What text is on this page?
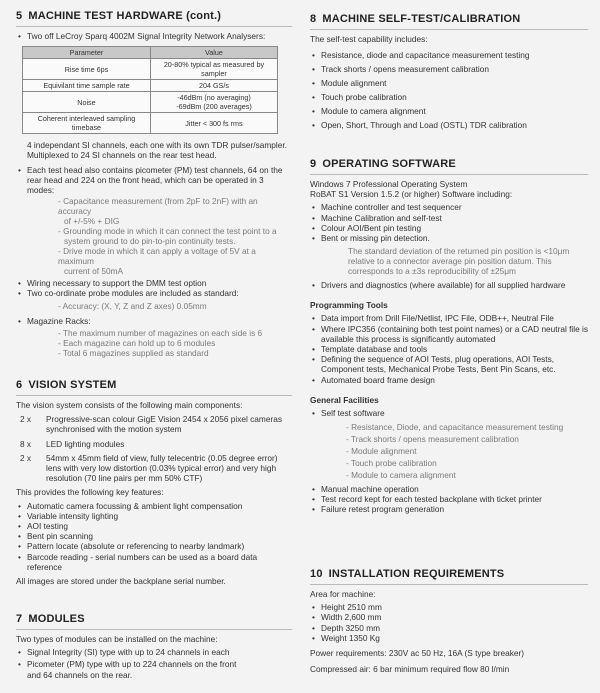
5 MACHINE TEST HARDWARE (cont.)
• Two off LeCroy Sparq 4002M Signal Integrity Network Analysers:
Parameter	Value
Rise time 6ps	20-80% typical as measured by sampler
Equivilant time sample rate	204 GS/s
Noise	-46dBm (no averaging)
-69dBm (200 averages)

Coherent interleaved sampling timebase	Jitter < 300 fs rms

4 independant SI channels, each one with its own TDR pulser/sampler.

Multiplexed to 24 SI channels on the rear test head.

• Each test head also contains picometer (PM) test channels, 64 on the
rear head and 224 on the front head, which can be operated in 3 modes:

- Capacitance measurement (from 2pF to 2nF) with an accuracy

of +/-5% + DIG

- Grounding mode in which it can connect the test point to a

system ground to do pin-to-pin continuity tests.

- Drive mode in which it can apply a voltage of 5V at a maximum

current of 50mA

• Wiring necessary to support the DMM test option
• Two co-ordinate probe modules are included as standard:

- Accuracy: (X, Y, Z and Z axes) 0.05mm

• Magazine Racks:

- The maximum number of magazines on each side is 6

- Each magazine can hold up to 6 modules

- Total 6 magazines supplied as standard

6 VISION SYSTEM

The vision system consists of the following main components:

2 x	Progressive-scan colour GigE Vision 2454 x 2056 pixel cameras
synchronised with the motion system
8 x	LED lighting modules
2 x	54mm x 45mm field of view, fully telecentric (0.05 degree error)
lens with very low distortion (0.03% typical error) and very high
resolution (70 line pairs per mm 50% CTF)

This provides the following key features:

• Automatic camera focussing & ambient light compensation
• Variable intensity lighting
• AOI testing
• Bent pin scanning
• Pattern locate (absolute or referencing to nearby landmark)
• Barcode reading - serial numbers can be used as a board data reference

All images are stored under the backplane serial number.

7 MODULES

Two types of modules can be installed on the machine:

• Signal Integrity (SI) type with up to 24 channels in each
• Picometer (PM) type with up to 224 channels on the front
and 64 channels on the rear.
8 MACHINE SELF-TEST/CALIBRATION

The self-test capability includes:

• Resistance, diode and capacitance measurement testing
• Track shorts / opens measurement calibration
• Module alignment
• Touch probe calibration
• Module to camera alignment
• Open, Short, Through and Load (OSTL) TDR calibration
9 OPERATING SOFTWARE

Windows 7 Professional Operating System

RoBAT S1 Version 1.5.2 (or higher) Software including:

• Machine controller and test sequencer
• Machine Calibration and self-test
• Colour AOI/Bent pin testing
• Bent or missing pin detection.

The standard deviation of the returned pin position is <10μm

relative to a connector average pin position datum. This

corresponds to a ±3s reproducibility of ±25μm

• Drivers and diagnostics (where available) for all supplied hardware

Programming Tools

• Data import from Drill File/Netlist, IPC File, ODB++, Neutral File
• Where IPC356 (containing both test point names) or a CAD neutral file is
available this process is significantly automated
• Template database and tools
• Defining the sequence of AOI Tests, plug operations, AOI Tests,
Component tests, Mechanical Probe Tests, Bent Pin Scans, etc.
• Automated board frame design

General Facilities

• Self test software

- Resistance, Diode, and capacitance measurement testing

- Track shorts / opens measurement calibration

- Module alignment

- Touch probe calibration

- Module to camera alignment

• Manual machine operation
• Test record kept for each tested backplane with ticket printer
• Failure retest program generation
10 INSTALLATION REQUIREMENTS

Area for machine:

• Height 2510 mm
• Width 2,600 mm
• Depth 3250 mm
• Weight 1350 Kg

Power requirements: 230V ac 50 Hz, 16A (S type breaker)

Compressed air: 6 bar minimum required flow 80 l/min
